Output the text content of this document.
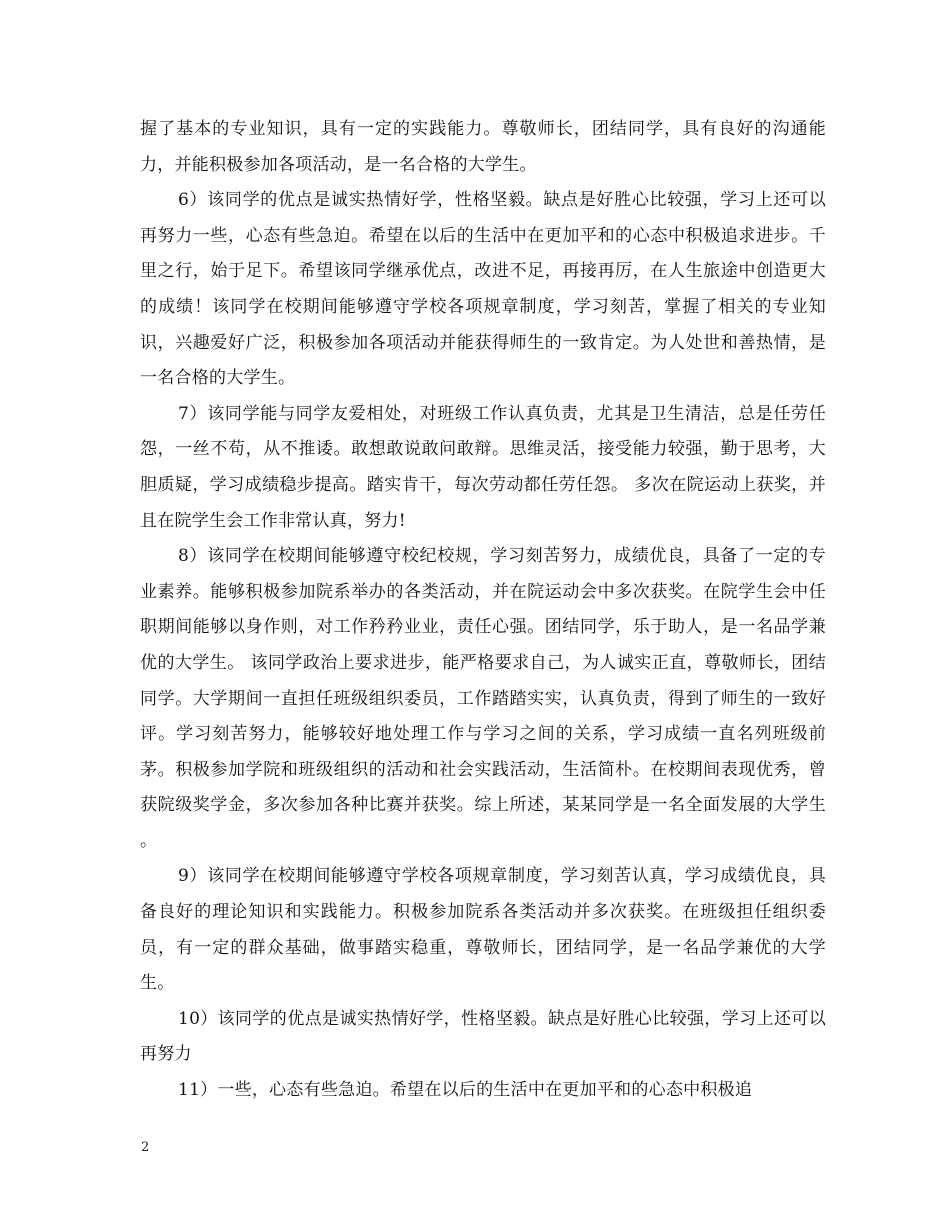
握了基本的专业知识，具有一定的实践能力。尊敬师长，团结同学，具有良好的沟通能力，并能积极参加各项活动，是一名合格的大学生。

6）该同学的优点是诚实热情好学，性格坚毅。缺点是好胜心比较强，学习上还可以再努力一些，心态有些急迫。希望在以后的生活中在更加平和的心态中积极追求进步。千里之行，始于足下。希望该同学继承优点，改进不足，再接再厉，在人生旅途中创造更大的成绩！该同学在校期间能够遵守学校各项规章制度，学习刻苦，掌握了相关的专业知识，兴趣爱好广泛，积极参加各项活动并能获得师生的一致肯定。为人处世和善热情，是一名合格的大学生。

7）该同学能与同学友爱相处，对班级工作认真负责，尤其是卫生清洁，总是任劳任怨，一丝不苟，从不推诿。敢想敢说敢问敢辩。思维灵活，接受能力较强，勤于思考，大胆质疑，学习成绩稳步提高。踏实肯干，每次劳动都任劳任怨。 多次在院运动上获奖，并且在院学生会工作非常认真，努力!

8）该同学在校期间能够遵守校纪校规，学习刻苦努力，成绩优良，具备了一定的专业素养。能够积极参加院系举办的各类活动，并在院运动会中多次获奖。在院学生会中任职期间能够以身作则，对工作矜矜业业，责任心强。团结同学，乐于助人，是一名品学兼优的大学生。 该同学政治上要求进步，能严格要求自己，为人诚实正直，尊敬师长，团结同学。大学期间一直担任班级组织委员，工作踏踏实实，认真负责，得到了师生的一致好评。学习刻苦努力，能够较好地处理工作与学习之间的关系，学习成绩一直名列班级前茅。积极参加学院和班级组织的活动和社会实践活动，生活简朴。在校期间表现优秀，曾获院级奖学金，多次参加各种比赛并获奖。综上所述，某某同学是一名全面发展的大学生 。

9）该同学在校期间能够遵守学校各项规章制度，学习刻苦认真，学习成绩优良，具备良好的理论知识和实践能力。积极参加院系各类活动并多次获奖。在班级担任组织委员，有一定的群众基础，做事踏实稳重，尊敬师长，团结同学，是一名品学兼优的大学生。

10）该同学的优点是诚实热情好学，性格坚毅。缺点是好胜心比较强，学习上还可以再努力

11）一些，心态有些急迫。希望在以后的生活中在更加平和的心态中积极追

2
